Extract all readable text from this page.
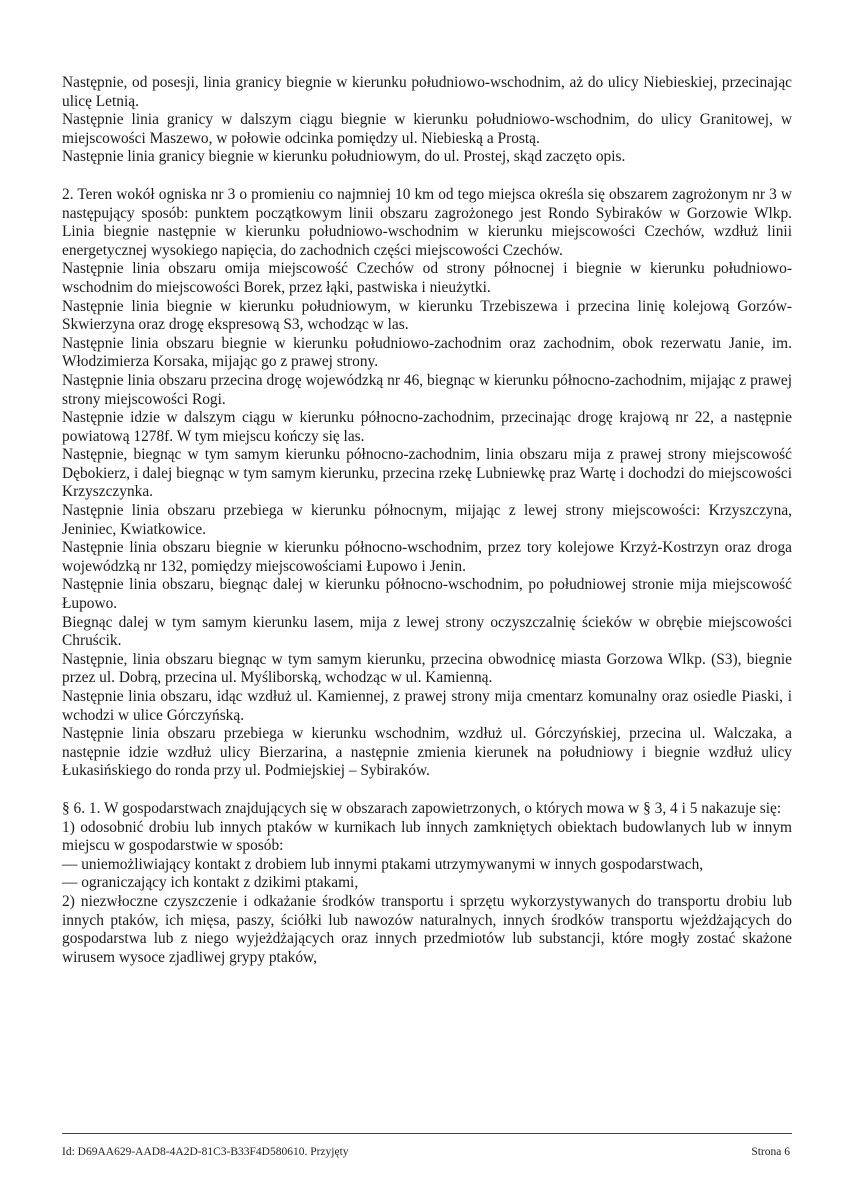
Następnie, od posesji, linia granicy biegnie w kierunku południowo-wschodnim, aż do ulicy Niebieskiej, przecinając ulicę Letnią.

Następnie linia granicy w dalszym ciągu biegnie w kierunku południowo-wschodnim, do ulicy Granitowej, w miejscowości Maszewo, w połowie odcinka pomiędzy ul. Niebieską a Prostą.

Następnie linia granicy biegnie w kierunku południowym, do ul. Prostej, skąd zaczęto opis.

2. Teren wokół ogniska nr 3 o promieniu co najmniej 10 km od tego miejsca określa się obszarem zagrożonym nr 3 w następujący sposób: punktem początkowym linii obszaru zagrożonego jest Rondo Sybiraków w Gorzowie Wlkp. Linia biegnie następnie w kierunku południowo-wschodnim w kierunku miejscowości Czechów, wzdłuż linii energetycznej wysokiego napięcia, do zachodnich części miejscowości Czechów.

Następnie linia obszaru omija miejscowość Czechów od strony północnej i biegnie w kierunku południowo-wschodnim do miejscowości Borek, przez łąki, pastwiska i nieużytki.

Następnie linia biegnie w kierunku południowym, w kierunku Trzebiszewa i przecina linię kolejową Gorzów-Skwierzyna oraz drogę ekspresową S3, wchodząc w las.

Następnie linia obszaru biegnie w kierunku południowo-zachodnim oraz zachodnim, obok rezerwatu Janie, im. Włodzimierza Korsaka, mijając go z prawej strony.

Następnie linia obszaru przecina drogę wojewódzką nr 46, biegnąc w kierunku północno-zachodnim, mijając z prawej strony miejscowości Rogi.

Następnie idzie w dalszym ciągu w kierunku północno-zachodnim, przecinając drogę krajową nr 22, a następnie powiatową 1278f. W tym miejscu kończy się las.

Następnie, biegnąc w tym samym kierunku północno-zachodnim, linia obszaru mija z prawej strony miejscowość Dębokierz, i dalej biegnąc w tym samym kierunku, przecina rzekę Lubniewkę praz Wartę i dochodzi do miejscowości Krzyszczynka.

Następnie linia obszaru przebiega w kierunku północnym, mijając z lewej strony miejscowości: Krzyszczyna, Jeniniec, Kwiatkowice.

Następnie linia obszaru biegnie w kierunku północno-wschodnim, przez tory kolejowe Krzyż-Kostrzyn oraz droga wojewódzką nr 132, pomiędzy miejscowościami Łupowo i Jenin.

Następnie linia obszaru, biegnąc dalej w kierunku północno-wschodnim, po południowej stronie mija miejscowość Łupowo.

Biegnąc dalej w tym samym kierunku lasem, mija z lewej strony oczyszczalnię ścieków w obrębie miejscowości Chruścik.

Następnie, linia obszaru biegnąc w tym samym kierunku, przecina obwodnicę miasta Gorzowa Wlkp. (S3), biegnie przez ul. Dobrą, przecina ul. Myśliborską, wchodząc w ul. Kamienną.

Następnie linia obszaru, idąc wzdłuż ul. Kamiennej, z prawej strony mija cmentarz komunalny oraz osiedle Piaski, i wchodzi w ulice Górczyńską.

Następnie linia obszaru przebiega w kierunku wschodnim, wzdłuż ul. Górczyńskiej, przecina ul. Walczaka, a następnie idzie wzdłuż ulicy Bierzarina, a następnie zmienia kierunek na południowy i biegnie wzdłuż ulicy Łukasińskiego do ronda przy ul. Podmiejskiej – Sybiraków.

§ 6. 1. W gospodarstwach znajdujących się w obszarach zapowietrzonych, o których mowa w § 3, 4 i 5 nakazuje się:

1) odosobnić drobiu lub innych ptaków w kurnikach lub innych zamkniętych obiektach budowlanych lub w innym miejscu w gospodarstwie w sposób:

— uniemożliwiający kontakt z drobiem lub innymi ptakami utrzymywanymi w innych gospodarstwach,

— ograniczający ich kontakt z dzikimi ptakami,

2) niezwłoczne czyszczenie i odkażanie środków transportu i sprzętu wykorzystywanych do transportu drobiu lub innych ptaków, ich mięsa, paszy, ściółki lub nawozów naturalnych, innych środków transportu wjeżdżających do gospodarstwa lub z niego wyjeżdżających oraz innych przedmiotów lub substancji, które mogły zostać skażone wirusem wysoce zjadliwej grypy ptaków,

Id: D69AA629-AAD8-4A2D-81C3-B33F4D580610. Przyjęty	Strona 6
